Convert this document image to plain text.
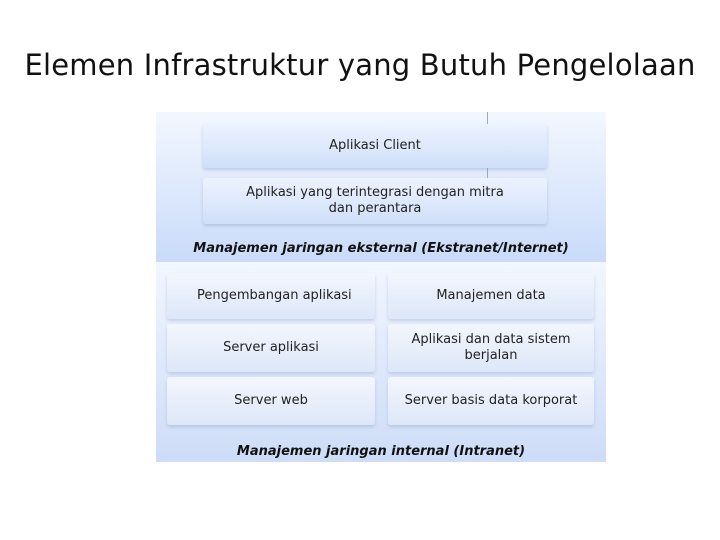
Elemen Infrastruktur yang Butuh Pengelolaan
Aplikasi Client
Aplikasi yang terintegrasi dengan mitra dan perantara
Manajemen jaringan eksternal (Ekstranet/Internet)
Pengembangan aplikasi
Server aplikasi
Server web
Manajemen data
Aplikasi dan data sistem berjalan
Server basis data korporat
Manajemen jaringan internal (Intranet)
